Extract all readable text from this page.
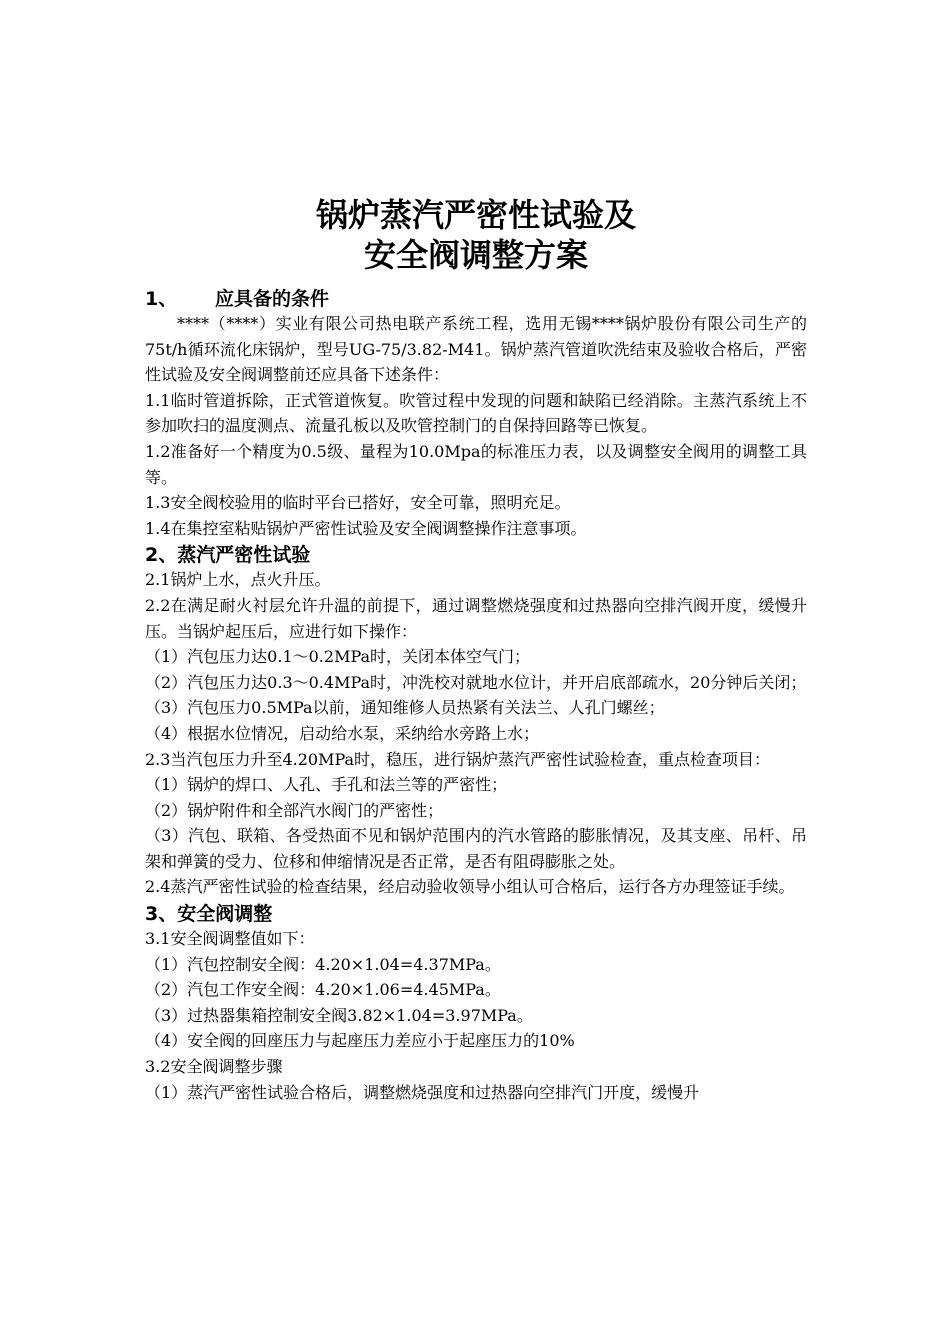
锅炉蒸汽严密性试验及
安全阀调整方案
1、 应具备的条件

****（****）实业有限公司热电联产系统工程，选用无锡****锅炉股份有限公司生产的75t/h循环流化床锅炉，型号UG-75/3.82-M41。锅炉蒸汽管道吹洗结束及验收合格后，严密性试验及安全阀调整前还应具备下述条件：

1.1临时管道拆除，正式管道恢复。吹管过程中发现的问题和缺陷已经消除。主蒸汽系统上不参加吹扫的温度测点、流量孔板以及吹管控制门的自保持回路等已恢复。

1.2准备好一个精度为0.5级、量程为10.0Mpa的标准压力表，以及调整安全阀用的调整工具等。

1.3安全阀校验用的临时平台已搭好，安全可靠，照明充足。

1.4在集控室粘贴锅炉严密性试验及安全阀调整操作注意事项。

2、蒸汽严密性试验

2.1锅炉上水，点火升压。

2.2在满足耐火衬层允许升温的前提下，通过调整燃烧强度和过热器向空排汽阀开度，缓慢升压。当锅炉起压后，应进行如下操作：

（1）汽包压力达0.1～0.2MPa时，关闭本体空气门；

（2）汽包压力达0.3～0.4MPa时，冲洗校对就地水位计，并开启底部疏水，20分钟后关闭；

（3）汽包压力0.5MPa以前，通知维修人员热紧有关法兰、人孔门螺丝；

（4）根据水位情况，启动给水泵，采纳给水旁路上水；

2.3当汽包压力升至4.20MPa时，稳压，进行锅炉蒸汽严密性试验检查，重点检查项目：

（1）锅炉的焊口、人孔、手孔和法兰等的严密性；

（2）锅炉附件和全部汽水阀门的严密性；

（3）汽包、联箱、各受热面不见和锅炉范围内的汽水管路的膨胀情况，及其支座、吊杆、吊架和弹簧的受力、位移和伸缩情况是否正常，是否有阻碍膨胀之处。

2.4蒸汽严密性试验的检查结果，经启动验收领导小组认可合格后，运行各方办理签证手续。

3、安全阀调整

3.1安全阀调整值如下：

（1）汽包控制安全阀：4.20×1.04=4.37MPa。

（2）汽包工作安全阀：4.20×1.06=4.45MPa。

（3）过热器集箱控制安全阀3.82×1.04=3.97MPa。

（4）安全阀的回座压力与起座压力差应小于起座压力的10%

3.2安全阀调整步骤

（1）蒸汽严密性试验合格后，调整燃烧强度和过热器向空排汽门开度，缓慢升
